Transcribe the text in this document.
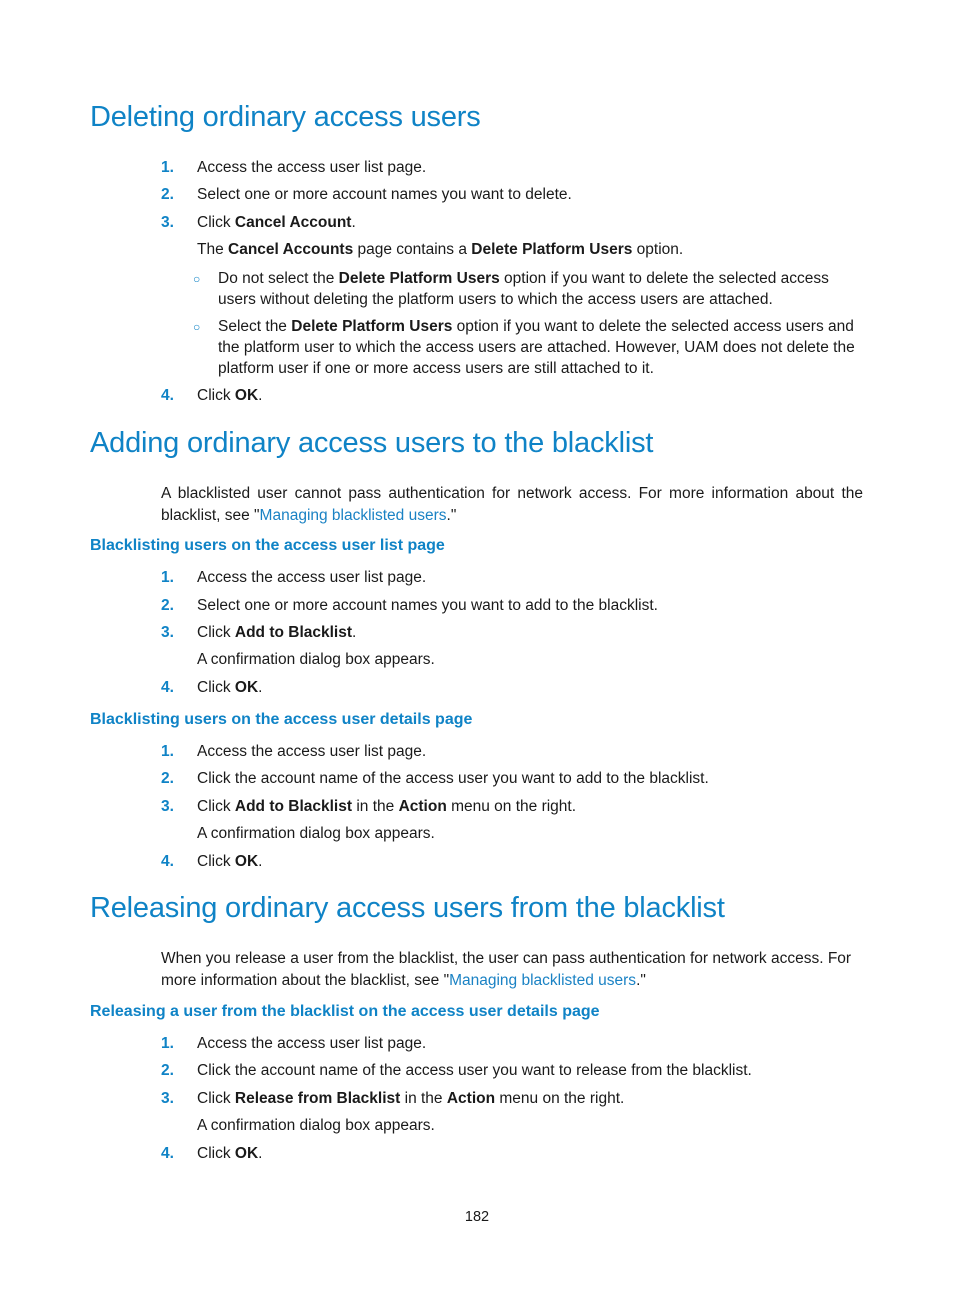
Deleting ordinary access users
1. Access the access user list page.
2. Select one or more account names you want to delete.
3. Click Cancel Account.
The Cancel Accounts page contains a Delete Platform Users option.
○ Do not select the Delete Platform Users option if you want to delete the selected access users without deleting the platform users to which the access users are attached.
○ Select the Delete Platform Users option if you want to delete the selected access users and the platform user to which the access users are attached. However, UAM does not delete the platform user if one or more access users are still attached to it.
4. Click OK.
Adding ordinary access users to the blacklist
A blacklisted user cannot pass authentication for network access. For more information about the blacklist, see "Managing blacklisted users."
Blacklisting users on the access user list page
1. Access the access user list page.
2. Select one or more account names you want to add to the blacklist.
3. Click Add to Blacklist.
A confirmation dialog box appears.
4. Click OK.
Blacklisting users on the access user details page
1. Access the access user list page.
2. Click the account name of the access user you want to add to the blacklist.
3. Click Add to Blacklist in the Action menu on the right.
A confirmation dialog box appears.
4. Click OK.
Releasing ordinary access users from the blacklist
When you release a user from the blacklist, the user can pass authentication for network access. For more information about the blacklist, see "Managing blacklisted users."
Releasing a user from the blacklist on the access user details page
1. Access the access user list page.
2. Click the account name of the access user you want to release from the blacklist.
3. Click Release from Blacklist in the Action menu on the right.
A confirmation dialog box appears.
4. Click OK.
182
